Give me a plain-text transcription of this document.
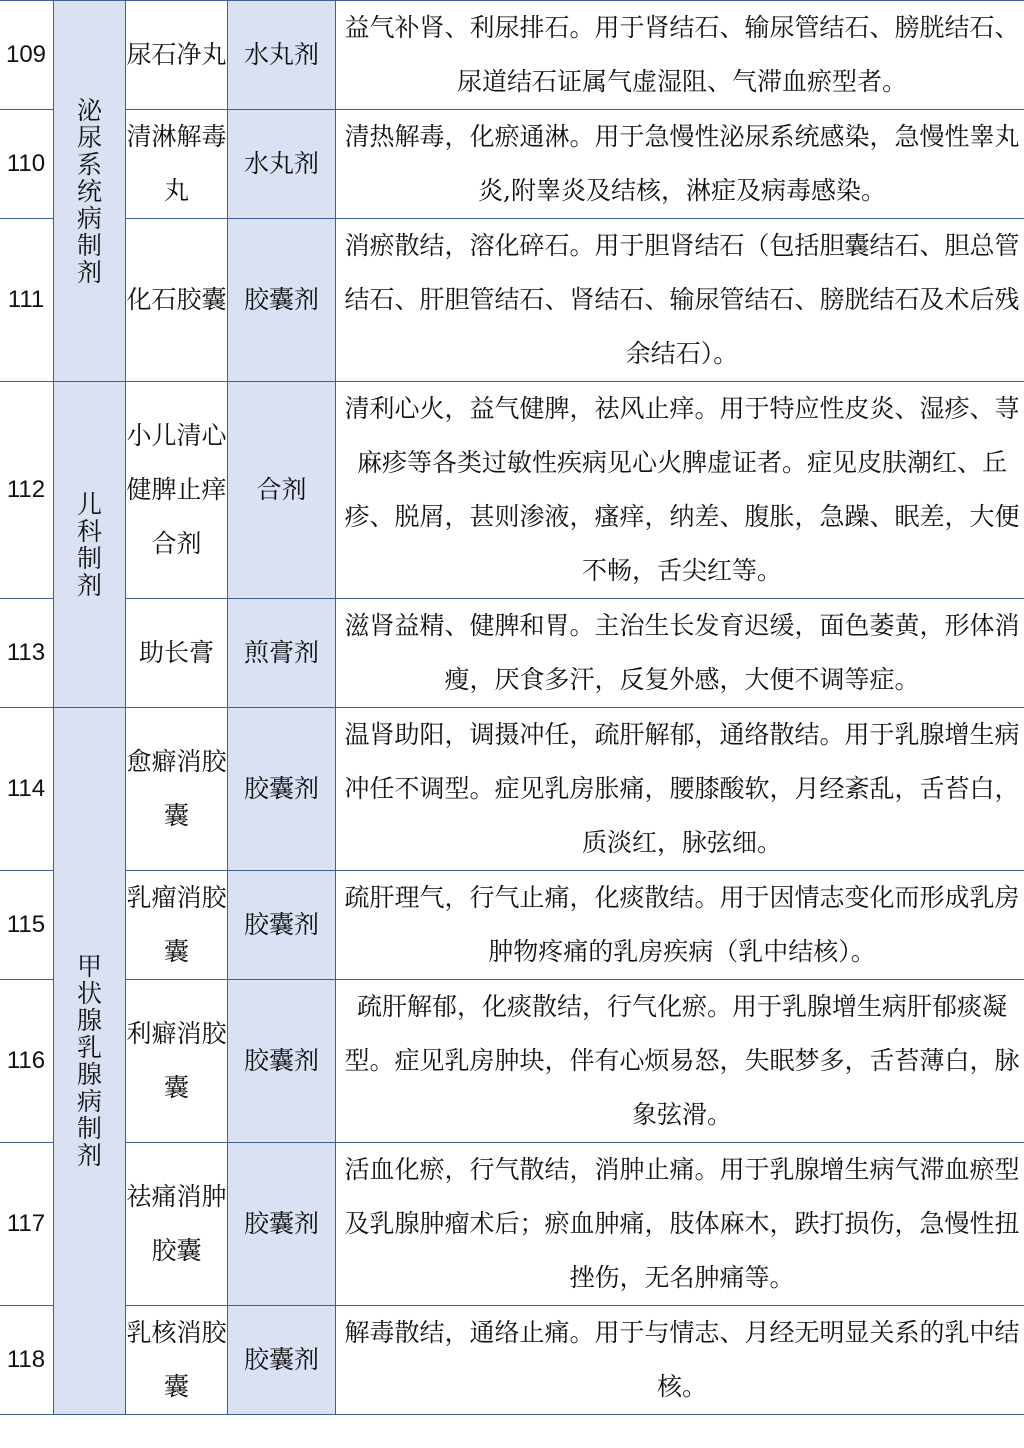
109	泌尿系统病制剂	尿石净丸	水丸剂	益气补肾、利尿排石。用于肾结石、输尿管结石、膀胱结石、尿道结石证属气虚湿阻、气滞血瘀型者。
110		清淋解毒丸	水丸剂	清热解毒，化瘀通淋。用于急慢性泌尿系统感染，急慢性睾丸炎,附睾炎及结核，淋症及病毒感染。
111		化石胶囊	胶囊剂	消瘀散结，溶化碎石。用于胆肾结石（包括胆囊结石、胆总管结石、肝胆管结石、肾结石、输尿管结石、膀胱结石及术后残余结石）。
112	儿科制剂	小儿清心健脾止痒合剂	合剂	清利心火，益气健脾，祛风止痒。用于特应性皮炎、湿疹、荨麻疹等各类过敏性疾病见心火脾虚证者。症见皮肤潮红、丘疹、脱屑，甚则渗液，瘙痒，纳差、腹胀，急躁、眠差，大便不畅，舌尖红等。
113		助长膏	煎膏剂	滋肾益精、健脾和胃。主治生长发育迟缓，面色萎黄，形体消瘦，厌食多汗，反复外感，大便不调等症。
114	甲状腺乳腺病制剂	愈癖消胶囊	胶囊剂	温肾助阳，调摄冲任，疏肝解郁，通络散结。用于乳腺增生病冲任不调型。症见乳房胀痛，腰膝酸软，月经紊乱，舌苔白，质淡红，脉弦细。
115		乳瘤消胶囊	胶囊剂	疏肝理气，行气止痛，化痰散结。用于因情志变化而形成乳房肿物疼痛的乳房疾病（乳中结核）。
116		利癖消胶囊	胶囊剂	疏肝解郁，化痰散结，行气化瘀。用于乳腺增生病肝郁痰凝型。症见乳房肿块，伴有心烦易怒，失眠梦多，舌苔薄白，脉象弦滑。
117		祛痛消肿胶囊	胶囊剂	活血化瘀，行气散结，消肿止痛。用于乳腺增生病气滞血瘀型及乳腺肿瘤术后；瘀血肿痛，肢体麻木，跌打损伤，急慢性扭挫伤，无名肿痛等。
118		乳核消胶囊	胶囊剂	解毒散结，通络止痛。用于与情志、月经无明显关系的乳中结核。
